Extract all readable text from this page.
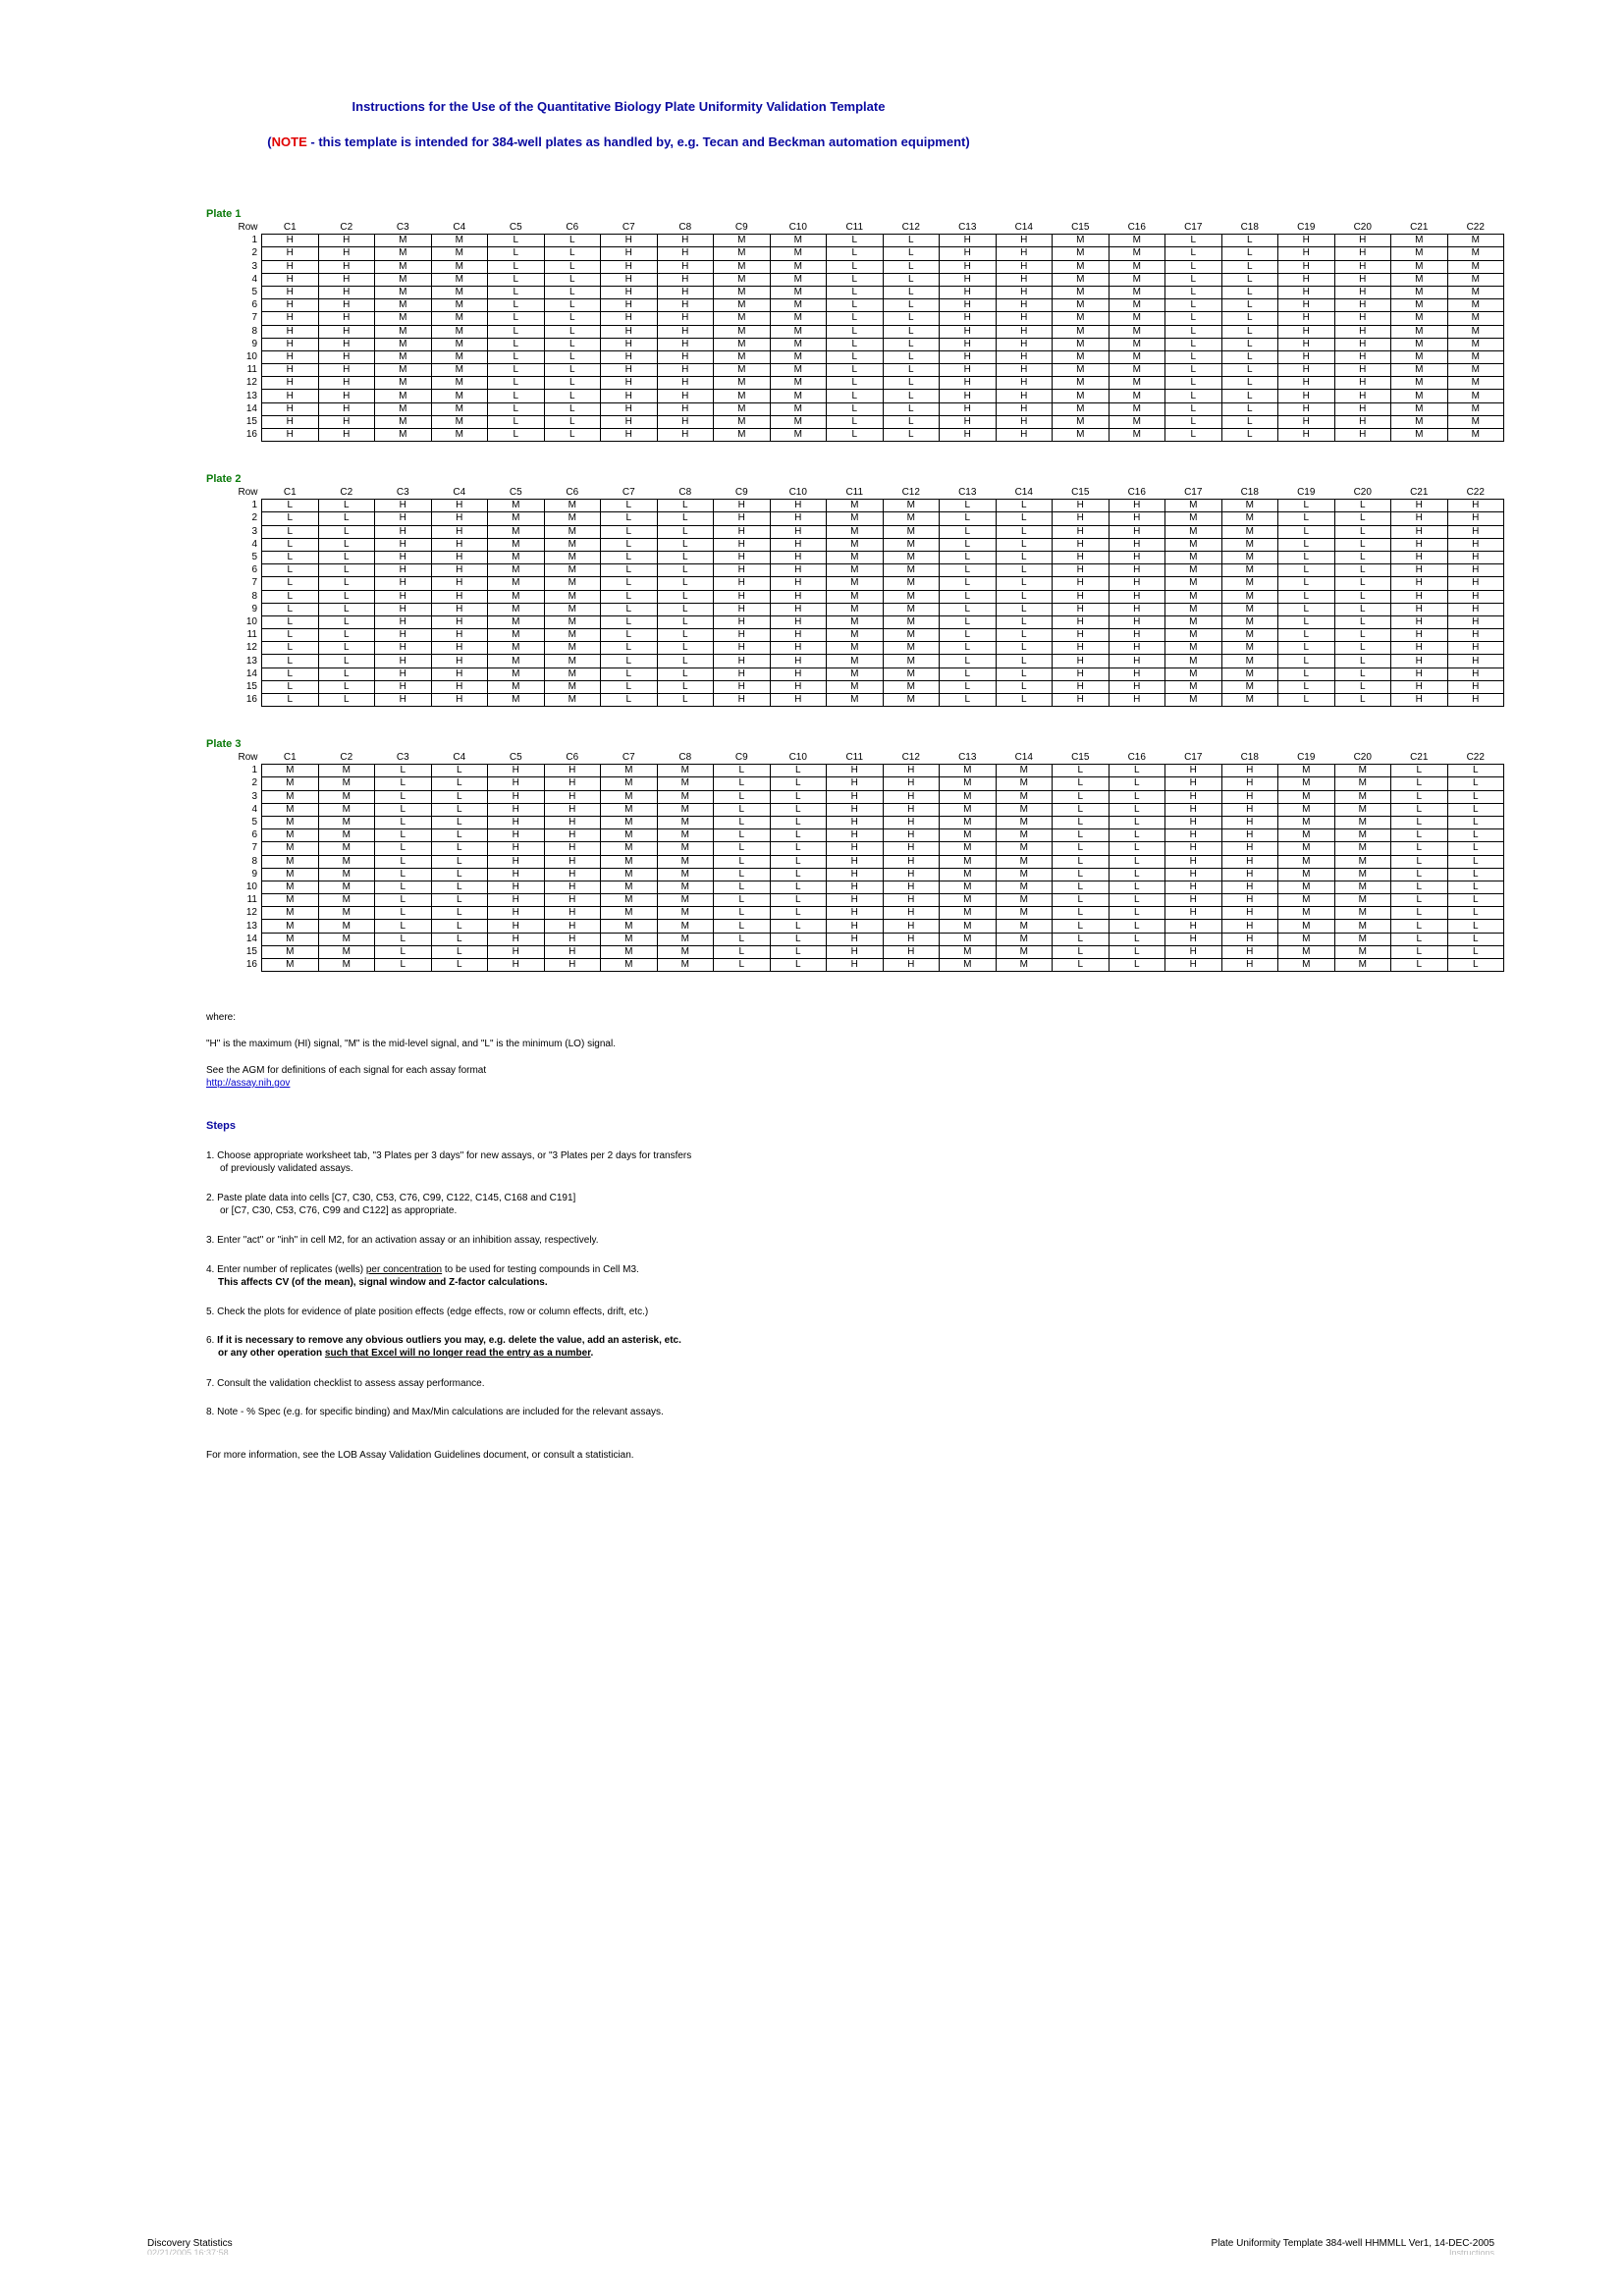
Instructions for the Use of the Quantitative Biology Plate Uniformity Validation Template
(NOTE - this template is intended for 384-well plates as handled by, e.g. Tecan and Beckman automation equipment)
Plate 1
Row	C1	C2	C3	C4	C5	C6	C7	C8	C9	C10	C11	C12	C13	C14	C15	C16	C17	C18	C19	C20	C21	C22
1	H	H	M	M	L	L	H	H	M	M	L	L	H	H	M	M	L	L	H	H	M	M
2	H	H	M	M	L	L	H	H	M	M	L	L	H	H	M	M	L	L	H	H	M	M
3	H	H	M	M	L	L	H	H	M	M	L	L	H	H	M	M	L	L	H	H	M	M
4	H	H	M	M	L	L	H	H	M	M	L	L	H	H	M	M	L	L	H	H	M	M
5	H	H	M	M	L	L	H	H	M	M	L	L	H	H	M	M	L	L	H	H	M	M
6	H	H	M	M	L	L	H	H	M	M	L	L	H	H	M	M	L	L	H	H	M	M
7	H	H	M	M	L	L	H	H	M	M	L	L	H	H	M	M	L	L	H	H	M	M
8	H	H	M	M	L	L	H	H	M	M	L	L	H	H	M	M	L	L	H	H	M	M
9	H	H	M	M	L	L	H	H	M	M	L	L	H	H	M	M	L	L	H	H	M	M
10	H	H	M	M	L	L	H	H	M	M	L	L	H	H	M	M	L	L	H	H	M	M
11	H	H	M	M	L	L	H	H	M	M	L	L	H	H	M	M	L	L	H	H	M	M
12	H	H	M	M	L	L	H	H	M	M	L	L	H	H	M	M	L	L	H	H	M	M
13	H	H	M	M	L	L	H	H	M	M	L	L	H	H	M	M	L	L	H	H	M	M
14	H	H	M	M	L	L	H	H	M	M	L	L	H	H	M	M	L	L	H	H	M	M
15	H	H	M	M	L	L	H	H	M	M	L	L	H	H	M	M	L	L	H	H	M	M
16	H	H	M	M	L	L	H	H	M	M	L	L	H	H	M	M	L	L	H	H	M	M
Plate 2
Row	C1	C2	C3	C4	C5	C6	C7	C8	C9	C10	C11	C12	C13	C14	C15	C16	C17	C18	C19	C20	C21	C22
1	L	L	H	H	M	M	L	L	H	H	M	M	L	L	H	H	M	M	L	L	H	H
2	L	L	H	H	M	M	L	L	H	H	M	M	L	L	H	H	M	M	L	L	H	H
3	L	L	H	H	M	M	L	L	H	H	M	M	L	L	H	H	M	M	L	L	H	H
4	L	L	H	H	M	M	L	L	H	H	M	M	L	L	H	H	M	M	L	L	H	H
5	L	L	H	H	M	M	L	L	H	H	M	M	L	L	H	H	M	M	L	L	H	H
6	L	L	H	H	M	M	L	L	H	H	M	M	L	L	H	H	M	M	L	L	H	H
7	L	L	H	H	M	M	L	L	H	H	M	M	L	L	H	H	M	M	L	L	H	H
8	L	L	H	H	M	M	L	L	H	H	M	M	L	L	H	H	M	M	L	L	H	H
9	L	L	H	H	M	M	L	L	H	H	M	M	L	L	H	H	M	M	L	L	H	H
10	L	L	H	H	M	M	L	L	H	H	M	M	L	L	H	H	M	M	L	L	H	H
11	L	L	H	H	M	M	L	L	H	H	M	M	L	L	H	H	M	M	L	L	H	H
12	L	L	H	H	M	M	L	L	H	H	M	M	L	L	H	H	M	M	L	L	H	H
13	L	L	H	H	M	M	L	L	H	H	M	M	L	L	H	H	M	M	L	L	H	H
14	L	L	H	H	M	M	L	L	H	H	M	M	L	L	H	H	M	M	L	L	H	H
15	L	L	H	H	M	M	L	L	H	H	M	M	L	L	H	H	M	M	L	L	H	H
16	L	L	H	H	M	M	L	L	H	H	M	M	L	L	H	H	M	M	L	L	H	H
Plate 3
Row	C1	C2	C3	C4	C5	C6	C7	C8	C9	C10	C11	C12	C13	C14	C15	C16	C17	C18	C19	C20	C21	C22
1	M	M	L	L	H	H	M	M	L	L	H	H	M	M	L	L	H	H	M	M	L	L
2	M	M	L	L	H	H	M	M	L	L	H	H	M	M	L	L	H	H	M	M	L	L
3	M	M	L	L	H	H	M	M	L	L	H	H	M	M	L	L	H	H	M	M	L	L
4	M	M	L	L	H	H	M	M	L	L	H	H	M	M	L	L	H	H	M	M	L	L
5	M	M	L	L	H	H	M	M	L	L	H	H	M	M	L	L	H	H	M	M	L	L
6	M	M	L	L	H	H	M	M	L	L	H	H	M	M	L	L	H	H	M	M	L	L
7	M	M	L	L	H	H	M	M	L	L	H	H	M	M	L	L	H	H	M	M	L	L
8	M	M	L	L	H	H	M	M	L	L	H	H	M	M	L	L	H	H	M	M	L	L
9	M	M	L	L	H	H	M	M	L	L	H	H	M	M	L	L	H	H	M	M	L	L
10	M	M	L	L	H	H	M	M	L	L	H	H	M	M	L	L	H	H	M	M	L	L
11	M	M	L	L	H	H	M	M	L	L	H	H	M	M	L	L	H	H	M	M	L	L
12	M	M	L	L	H	H	M	M	L	L	H	H	M	M	L	L	H	H	M	M	L	L
13	M	M	L	L	H	H	M	M	L	L	H	H	M	M	L	L	H	H	M	M	L	L
14	M	M	L	L	H	H	M	M	L	L	H	H	M	M	L	L	H	H	M	M	L	L
15	M	M	L	L	H	H	M	M	L	L	H	H	M	M	L	L	H	H	M	M	L	L
16	M	M	L	L	H	H	M	M	L	L	H	H	M	M	L	L	H	H	M	M	L	L
where:
"H" is the maximum (HI) signal, "M" is the mid-level signal, and "L" is the minimum (LO) signal.
See the AGM for definitions of each signal for each assay format
http://assay.nih.gov
Steps
1. Choose appropriate worksheet tab, "3 Plates per 3 days" for new assays, or "3 Plates per 2 days for transfers
of previously validated assays.
2. Paste plate data into cells [C7, C30, C53, C76, C99, C122, C145, C168 and C191]
or [C7, C30, C53, C76, C99 and C122] as appropriate.
3. Enter "act" or "inh" in cell M2, for an activation assay or an inhibition assay, respectively.
4. Enter number of replicates (wells) per concentration to be used for testing compounds in Cell M3.
This affects CV (of the mean), signal window and Z-factor calculations.
5. Check the plots for evidence of plate position effects (edge effects, row or column effects, drift, etc.)
6. If it is necessary to remove any obvious outliers you may, e.g. delete the value, add an asterisk, etc.
or any other operation such that Excel will no longer read the entry as a number.
7. Consult the validation checklist to assess assay performance.
8. Note - % Spec (e.g. for specific binding) and Max/Min calculations are included for the relevant assays.
For more information, see the LOB Assay Validation Guidelines document, or consult a statistician.
Discovery Statistics
02/21/2005 16:37:58
Plate Uniformity Template 384-well HHMMLL Ver1, 14-DEC-2005
Instructions
